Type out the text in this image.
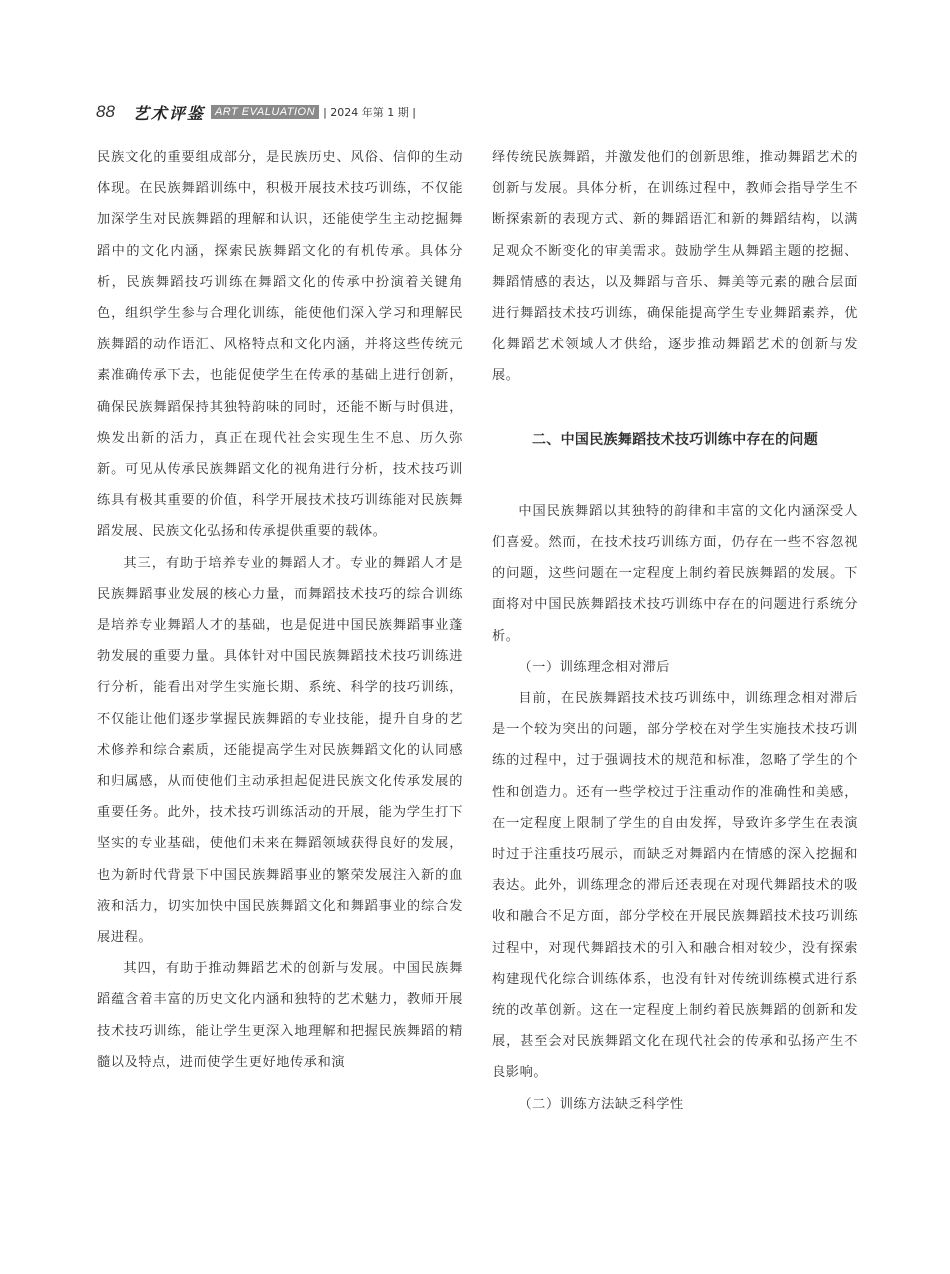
88 艺术评鉴 ART EVALUATION | 2024 年第 1 期 |

民族文化的重要组成部分，是民族历史、风俗、信仰的生动体现。在民族舞蹈训练中，积极开展技术技巧训练，不仅能加深学生对民族舞蹈的理解和认识，还能使学生主动挖掘舞蹈中的文化内涵，探索民族舞蹈文化的有机传承。具体分析，民族舞蹈技巧训练在舞蹈文化的传承中扮演着关键角色，组织学生参与合理化训练，能使他们深入学习和理解民族舞蹈的动作语汇、风格特点和文化内涵，并将这些传统元素准确传承下去，也能促使学生在传承的基础上进行创新，确保民族舞蹈保持其独特韵味的同时，还能不断与时俱进，焕发出新的活力，真正在现代社会实现生生不息、历久弥新。可见从传承民族舞蹈文化的视角进行分析，技术技巧训练具有极其重要的价值，科学开展技术技巧训练能对民族舞蹈发展、民族文化弘扬和传承提供重要的载体。

其三，有助于培养专业的舞蹈人才。专业的舞蹈人才是民族舞蹈事业发展的核心力量，而舞蹈技术技巧的综合训练是培养专业舞蹈人才的基础，也是促进中国民族舞蹈事业蓬勃发展的重要力量。具体针对中国民族舞蹈技术技巧训练进行分析，能看出对学生实施长期、系统、科学的技巧训练，不仅能让他们逐步掌握民族舞蹈的专业技能，提升自身的艺术修养和综合素质，还能提高学生对民族舞蹈文化的认同感和归属感，从而使他们主动承担起促进民族文化传承发展的重要任务。此外，技术技巧训练活动的开展，能为学生打下坚实的专业基础，使他们未来在舞蹈领域获得良好的发展，也为新时代背景下中国民族舞蹈事业的繁荣发展注入新的血液和活力，切实加快中国民族舞蹈文化和舞蹈事业的综合发展进程。

其四，有助于推动舞蹈艺术的创新与发展。中国民族舞蹈蕴含着丰富的历史文化内涵和独特的艺术魅力，教师开展技术技巧训练，能让学生更深入地理解和把握民族舞蹈的精髓以及特点，进而使学生更好地传承和演

绎传统民族舞蹈，并激发他们的创新思维，推动舞蹈艺术的创新与发展。具体分析，在训练过程中，教师会指导学生不断探索新的表现方式、新的舞蹈语汇和新的舞蹈结构，以满足观众不断变化的审美需求。鼓励学生从舞蹈主题的挖掘、舞蹈情感的表达，以及舞蹈与音乐、舞美等元素的融合层面进行舞蹈技术技巧训练，确保能提高学生专业舞蹈素养，优化舞蹈艺术领域人才供给，逐步推动舞蹈艺术的创新与发展。

二、中国民族舞蹈技术技巧训练中存在的问题

中国民族舞蹈以其独特的韵律和丰富的文化内涵深受人们喜爱。然而，在技术技巧训练方面，仍存在一些不容忽视的问题，这些问题在一定程度上制约着民族舞蹈的发展。下面将对中国民族舞蹈技术技巧训练中存在的问题进行系统分析。

（一）训练理念相对滞后

目前，在民族舞蹈技术技巧训练中，训练理念相对滞后是一个较为突出的问题，部分学校在对学生实施技术技巧训练的过程中，过于强调技术的规范和标准，忽略了学生的个性和创造力。还有一些学校过于注重动作的准确性和美感，在一定程度上限制了学生的自由发挥，导致许多学生在表演时过于注重技巧展示，而缺乏对舞蹈内在情感的深入挖掘和表达。此外，训练理念的滞后还表现在对现代舞蹈技术的吸收和融合不足方面，部分学校在开展民族舞蹈技术技巧训练过程中，对现代舞蹈技术的引入和融合相对较少，没有探索构建现代化综合训练体系，也没有针对传统训练模式进行系统的改革创新。这在一定程度上制约着民族舞蹈的创新和发展，甚至会对民族舞蹈文化在现代社会的传承和弘扬产生不良影响。

（二）训练方法缺乏科学性
